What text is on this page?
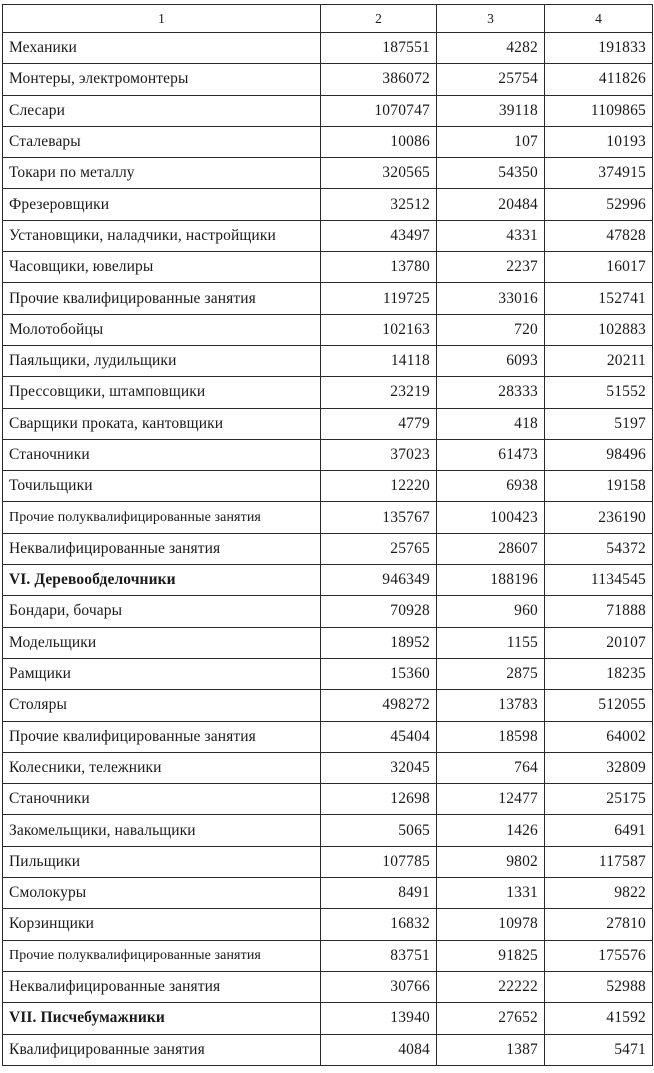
1	2	3	4
Механики	187551	4282	191833
Монтеры, электромонтеры	386072	25754	411826
Слесари	1070747	39118	1109865
Сталевары	10086	107	10193
Токари по металлу	320565	54350	374915
Фрезеровщики	32512	20484	52996
Установщики, наладчики, настройщики	43497	4331	47828
Часовщики, ювелиры	13780	2237	16017
Прочие квалифицированные занятия	119725	33016	152741
Молотобойцы	102163	720	102883
Паяльщики, лудильщики	14118	6093	20211
Прессовщики, штамповщики	23219	28333	51552
Сварщики проката, кантовщики	4779	418	5197
Станочники	37023	61473	98496
Точильщики	12220	6938	19158
Прочие полуквалифицированные занятия	135767	100423	236190
Неквалифицированные занятия	25765	28607	54372
VI. Деревообделочники	946349	188196	1134545
Бондари, бочары	70928	960	71888
Модельщики	18952	1155	20107
Рамщики	15360	2875	18235
Столяры	498272	13783	512055
Прочие квалифицированные занятия	45404	18598	64002
Колесники, тележники	32045	764	32809
Станочники	12698	12477	25175
Закомельщики, навальщики	5065	1426	6491
Пильщики	107785	9802	117587
Смолокуры	8491	1331	9822
Корзинщики	16832	10978	27810
Прочие полуквалифицированные занятия	83751	91825	175576
Неквалифицированные занятия	30766	22222	52988
VII. Писчебумажники	13940	27652	41592
Квалифицированные занятия	4084	1387	5471
